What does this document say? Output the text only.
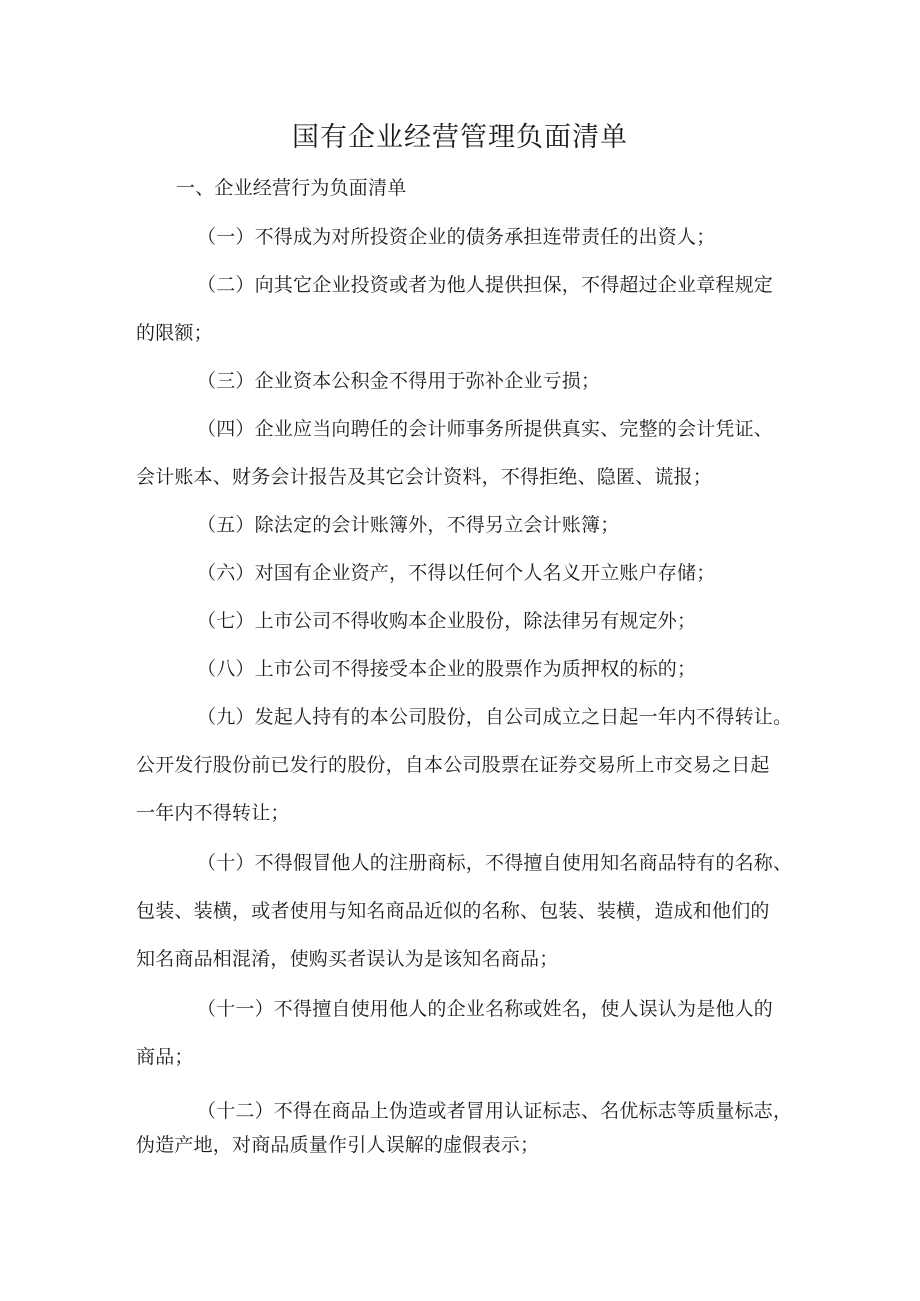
国有企业经营管理负面清单

一、企业经营行为负面清单

（一）不得成为对所投资企业的债务承担连带责任的出资人；

（二）向其它企业投资或者为他人提供担保，不得超过企业章程规定

的限额；

（三）企业资本公积金不得用于弥补企业亏损；

（四）企业应当向聘任的会计师事务所提供真实、完整的会计凭证、

会计账本、财务会计报告及其它会计资料，不得拒绝、隐匿、谎报；

（五）除法定的会计账簿外，不得另立会计账簿；

（六）对国有企业资产，不得以任何个人名义开立账户存储；

（七）上市公司不得收购本企业股份，除法律另有规定外；

（八）上市公司不得接受本企业的股票作为质押权的标的；

（九）发起人持有的本公司股份，自公司成立之日起一年内不得转让。

公开发行股份前已发行的股份，自本公司股票在证券交易所上市交易之日起

一年内不得转让；

（十）不得假冒他人的注册商标，不得擅自使用知名商品特有的名称、

包装、装横，或者使用与知名商品近似的名称、包装、装横，造成和他们的

知名商品相混淆，使购买者误认为是该知名商品；

（十一）不得擅自使用他人的企业名称或姓名，使人误认为是他人的

商品；

（十二）不得在商品上伪造或者冒用认证标志、名优标志等质量标志，

伪造产地，对商品质量作引人误解的虚假表示；
